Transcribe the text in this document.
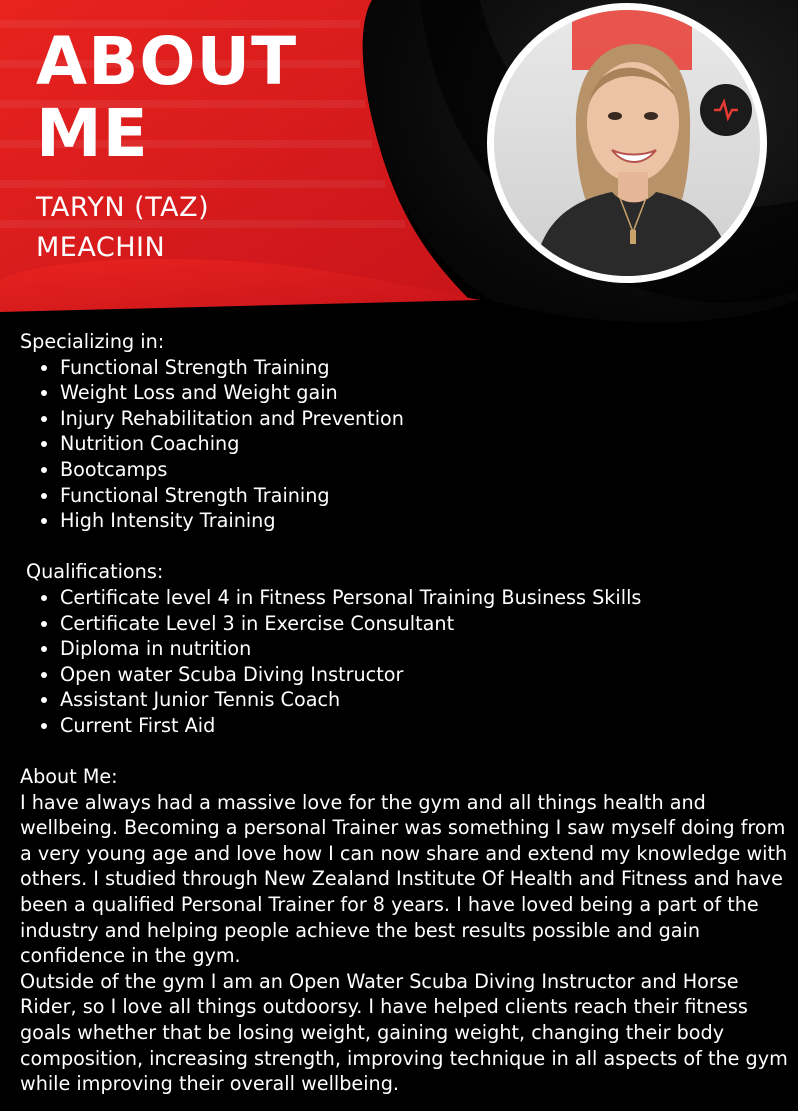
ABOUT
ME
TARYN (TAZ)
MEACHIN

Specializing in:

• Functional Strength Training
• Weight Loss and Weight gain
• Injury Rehabilitation and Prevention
• Nutrition Coaching
• Bootcamps
• Functional Strength Training
• High Intensity Training

Qualifications:

• Certificate level 4 in Fitness Personal Training Business Skills
• Certificate Level 3 in Exercise Consultant
• Diploma in nutrition
• Open water Scuba Diving Instructor
• Assistant Junior Tennis Coach
• Current First Aid

About Me:

I have always had a massive love for the gym and all things health and wellbeing. Becoming a personal Trainer was something I saw myself doing from a very young age and love how I can now share and extend my knowledge with others. I studied through New Zealand Institute Of Health and Fitness and have been a qualified Personal Trainer for 8 years. I have loved being a part of the industry and helping people achieve the best results possible and gain confidence in the gym.

Outside of the gym I am an Open Water Scuba Diving Instructor and Horse Rider, so I love all things outdoorsy. I have helped clients reach their fitness goals whether that be losing weight, gaining weight, changing their body composition, increasing strength, improving technique in all aspects of the gym while improving their overall wellbeing.
